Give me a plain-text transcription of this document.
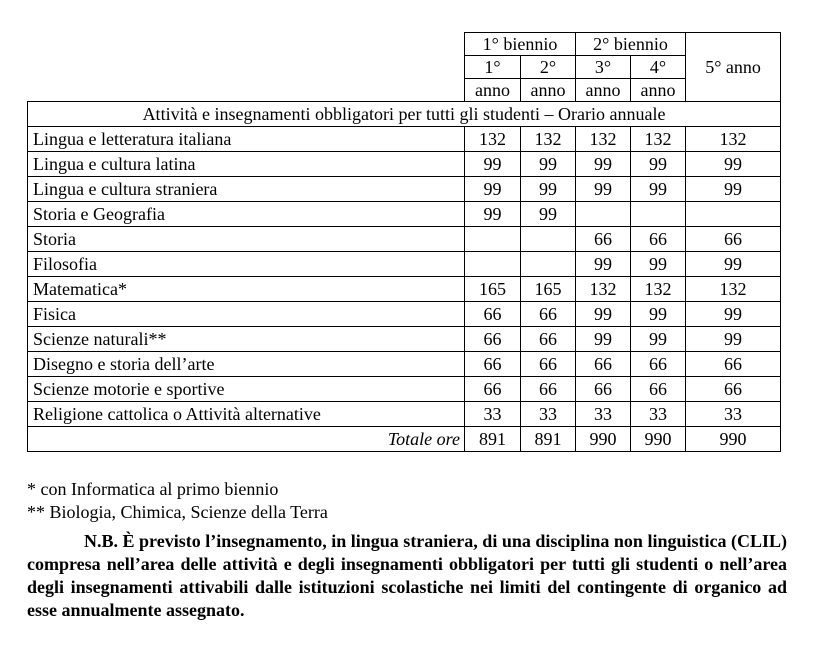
	1° biennio		2° biennio		5° anno
	1°	2°	3°	4°	
	anno	anno	anno	anno	
Attività e insegnamenti obbligatori per tutti gli studenti – Orario annuale					
Lingua e letteratura italiana	132	132	132	132	132
Lingua e cultura latina	99	99	99	99	99
Lingua e cultura straniera	99	99	99	99	99
Storia e Geografia	99	99			
Storia			66	66	66
Filosofia			99	99	99
Matematica*	165	165	132	132	132
Fisica	66	66	99	99	99
Scienze naturali**	66	66	99	99	99
Disegno e storia dell’arte	66	66	66	66	66
Scienze motorie e sportive	66	66	66	66	66
Religione cattolica o Attività alternative	33	33	33	33	33
Totale ore	891	891	990	990	990

* con Informatica al primo biennio

** Biologia, Chimica, Scienze della Terra

N.B. È previsto l’insegnamento, in lingua straniera, di una disciplina non linguistica (CLIL) compresa nell’area delle attività e degli insegnamenti obbligatori per tutti gli studenti o nell’area degli insegnamenti attivabili dalle istituzioni scolastiche nei limiti del contingente di organico ad esse annualmente assegnato.
